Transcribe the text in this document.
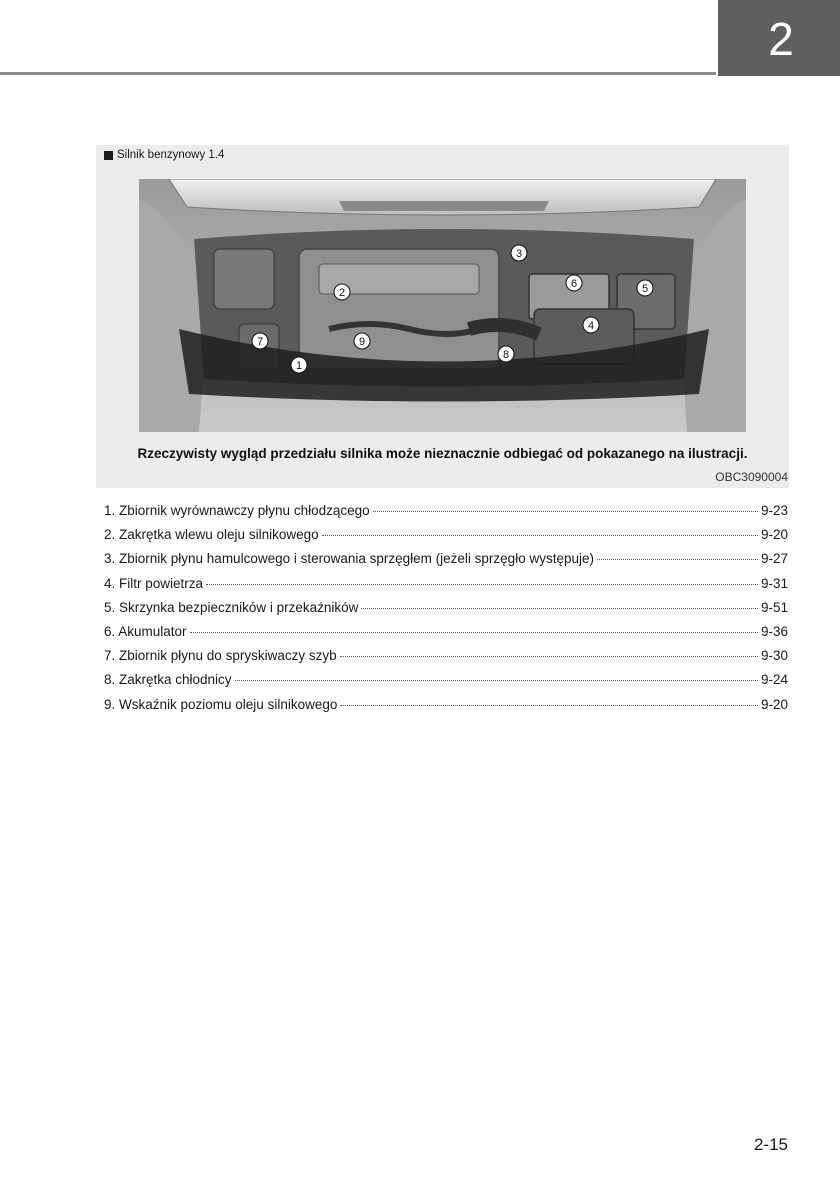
2
Silnik benzynowy 1.4
1
2
3
4
5
6
7
8
9
Rzeczywisty wygląd przedziału silnika może nieznacznie odbiegać od pokazanego na ilustracji.
OBC3090004
1. Zbiornik wyrównawczy płynu chłodzącego	9-23
2. Zakrętka wlewu oleju silnikowego	9-20
3. Zbiornik płynu hamulcowego i sterowania sprzęgłem (jeżeli sprzęgło występuje)	9-27
4. Filtr powietrza	9-31
5. Skrzynka bezpieczników i przekaźników	9-51
6. Akumulator	9-36
7. Zbiornik płynu do spryskiwaczy szyb	9-30
8. Zakrętka chłodnicy	9-24
9. Wskaźnik poziomu oleju silnikowego	9-20
2-15
